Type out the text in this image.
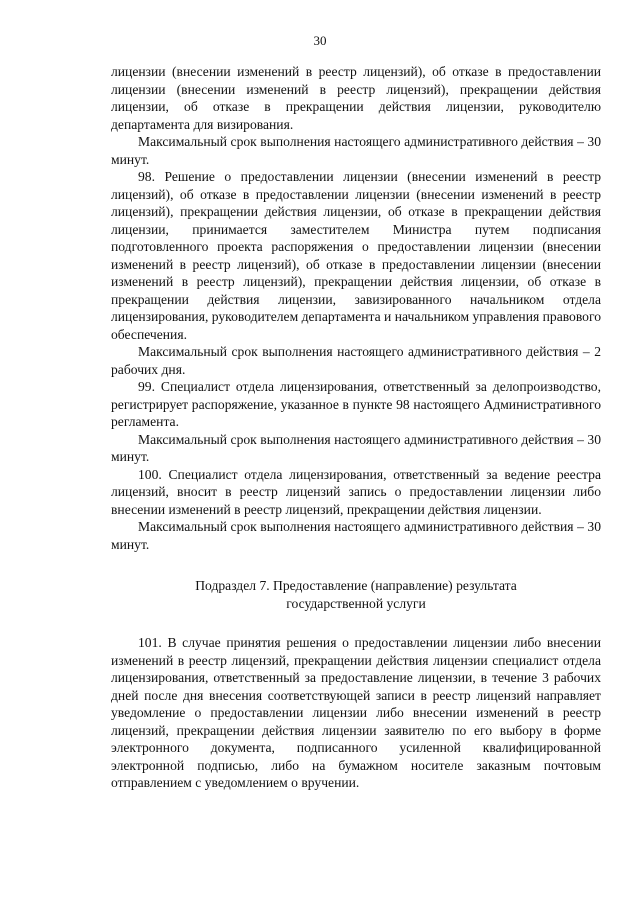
30

лицензии (внесении изменений в реестр лицензий), об отказе в предоставлении лицензии (внесении изменений в реестр лицензий), прекращении действия лицензии, об отказе в прекращении действия лицензии, руководителю департамента для визирования.

Максимальный срок выполнения настоящего административного действия – 30 минут.

98. Решение о предоставлении лицензии (внесении изменений в реестр лицензий), об отказе в предоставлении лицензии (внесении изменений в реестр лицензий), прекращении действия лицензии, об отказе в прекращении действия лицензии, принимается заместителем Министра путем подписания подготовленного проекта распоряжения о предоставлении лицензии (внесении изменений в реестр лицензий), об отказе в предоставлении лицензии (внесении изменений в реестр лицензий), прекращении действия лицензии, об отказе в прекращении действия лицензии, завизированного начальником отдела лицензирования, руководителем департамента и начальником управления правового обеспечения.

Максимальный срок выполнения настоящего административного действия – 2 рабочих дня.

99. Специалист отдела лицензирования, ответственный за делопроизводство, регистрирует распоряжение, указанное в пункте 98 настоящего Административного регламента.

Максимальный срок выполнения настоящего административного действия – 30 минут.

100. Специалист отдела лицензирования, ответственный за ведение реестра лицензий, вносит в реестр лицензий запись о предоставлении лицензии либо внесении изменений в реестр лицензий, прекращении действия лицензии.

Максимальный срок выполнения настоящего административного действия – 30 минут.

Подраздел 7. Предоставление (направление) результата
государственной услуги

101. В случае принятия решения о предоставлении лицензии либо внесении изменений в реестр лицензий, прекращении действия лицензии специалист отдела лицензирования, ответственный за предоставление лицензии, в течение 3 рабочих дней после дня внесения соответствующей записи в реестр лицензий направляет уведомление о предоставлении лицензии либо внесении изменений в реестр лицензий, прекращении действия лицензии заявителю по его выбору в форме электронного документа, подписанного усиленной квалифицированной электронной подписью, либо на бумажном носителе заказным почтовым отправлением с уведомлением о вручении.
